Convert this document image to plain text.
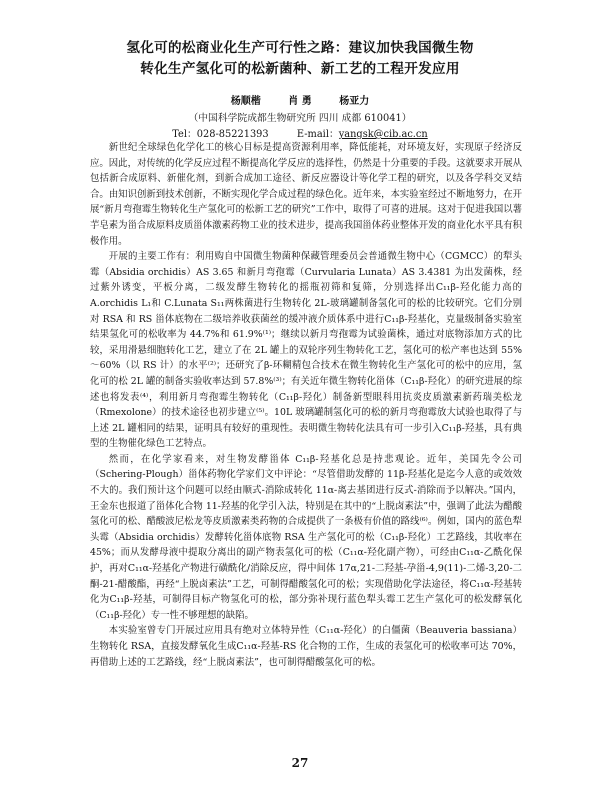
氢化可的松商业化生产可行性之路：建议加快我国微生物
转化生产氢化可的松新菌种、新工艺的工程开发应用
杨顺楷	肖 勇	杨亚力
（中国科学院成都生物研究所 四川 成都 610041）
Tel：028-85221393	E-mail：yangsk@cib.ac.cn

新世纪全球绿色化学化工的核心目标是提高资源利用率，降低能耗，对环境友好，实现原子经济反应。因此，对传统的化学反应过程不断提高化学反应的选择性，仍然是十分重要的手段。这就要求开展从包括新合成原料、新催化剂，到新合成加工途径、新反应器设计等化学工程的研究，以及各学科交叉结合。由知识创新到技术创新，不断实现化学合成过程的绿色化。近年来，本实验室经过不断地努力，在开展“新月弯孢霉生物转化生产氢化可的松新工艺的研究”工作中，取得了可喜的进展。这对于促进我国以薯芋皂素为甾合成原料皮质甾体激素药物工业的技术进步，提高我国甾体药业整体开发的商业化水平具有积极作用。

开展的主要工作有：利用购自中国微生物菌种保藏管理委员会普通微生物中心（CGMCC）的犁头霉（Absidia orchidis）AS 3.65 和新月弯孢霉（Curvularia Lunata）AS 3.4381 为出发菌株，经过紫外诱变，平板分离，二级发酵生物转化的摇瓶初筛和复筛，分别选择出C₁₁β-羟化能力高的 A.orchidis L₁和 C.Lunata S₁₁两株菌进行生物转化 2L-玻璃罐制备氢化可的松的比较研究。它们分别对 RSA 和 RS 甾体底物在二级培养收获菌丝的缓冲液介质体系中进行C₁₁β-羟基化，克量级制备实验室结果氢化可的松收率为 44.7%和 61.9%⁽¹⁾；继续以新月弯孢霉为试验菌株，通过对底物添加方式的比较，采用滑悬细胞转化工艺，建立了在 2L 罐上的双轮序列生物转化工艺，氢化可的松产率也达到 55%～60%（以 RS 计）的水平⁽²⁾；还研究了β-环糊精包合技术在微生物转化生产氢化可的松中的应用，氢化可的松 2L 罐的制备实验收率达到 57.8%⁽³⁾；有关近年微生物转化甾体（C₁₁β-羟化）的研究进展的综述也将发表⁽⁴⁾，利用新月弯孢霉生物转化（C₁₁β-羟化）制备新型眼科用抗炎皮质激素新药瑞美松龙（Rmexolone）的技术途径也初步建立⁽⁵⁾。10L 玻璃罐制氢化可的松的新月弯孢霉放大试验也取得了与上述 2L 罐相同的结果，证明具有较好的重现性。表明微生物转化法具有可一步引入C₁₁β-羟基，具有典型的生物催化绿色工艺特点。

然而，在化学家看来，对生物发酵甾体 C₁₁β-羟基化总是持悲观论。近年，美国先令公司（Schering-Plough）甾体药物化学家们文中评论：“尽管借助发酵的 11β-羟基化是迄今人意的或效效不大的。我们预计这个问题可以经由顺式-消除成转化 11α-离去基团进行反式-消除而予以解决。”国内，王金东也报道了甾体化合物 11-羟基的化学引入法，特别是在其中的“上脱卤素法”中，强调了此法为醋酸氢化可的松、醋酸波尼松龙等皮质激素类药物的合成提供了一条极有价值的路线⁽⁶⁾。例如，国内的蓝色犁头霉（Absidia orchidis）发酵转化甾体底物 RSA 生产氢化可的松（C₁₁β-羟化）工艺路线，其收率在 45%；而从发酵母液中提取分离出的副产物表氢化可的松（C₁₁α-羟化副产物），可经由C₁₁α-乙酰化保护，再对C₁₁α-羟基化产物进行磺酰化/消除反应，得中间体 17α,21-二羟基-孕甾-4,9(11)-二烯-3,20-二酮-21-醋酸酯，再经“上脱卤素法”工艺，可制得醋酸氢化可的松；实现借助化学法途径，将C₁₁α-羟基转化为C₁₁β-羟基，可制得目标产物氢化可的松，部分弥补现行蓝色犁头霉工艺生产氢化可的松发酵氧化（C₁₁β-羟化）专一性不够理想的缺陷。

本实验室曾专门开展过应用具有绝对立体特异性（C₁₁α-羟化）的白僵菌（Beauveria bassiana）生物转化 RSA，直接发酵氧化生成C₁₁α-羟基-RS 化合物的工作，生成的表氢化可的松收率可达 70%，再借助上述的工艺路线，经“上脱卤素法”，也可制得醋酸氢化可的松。

27
